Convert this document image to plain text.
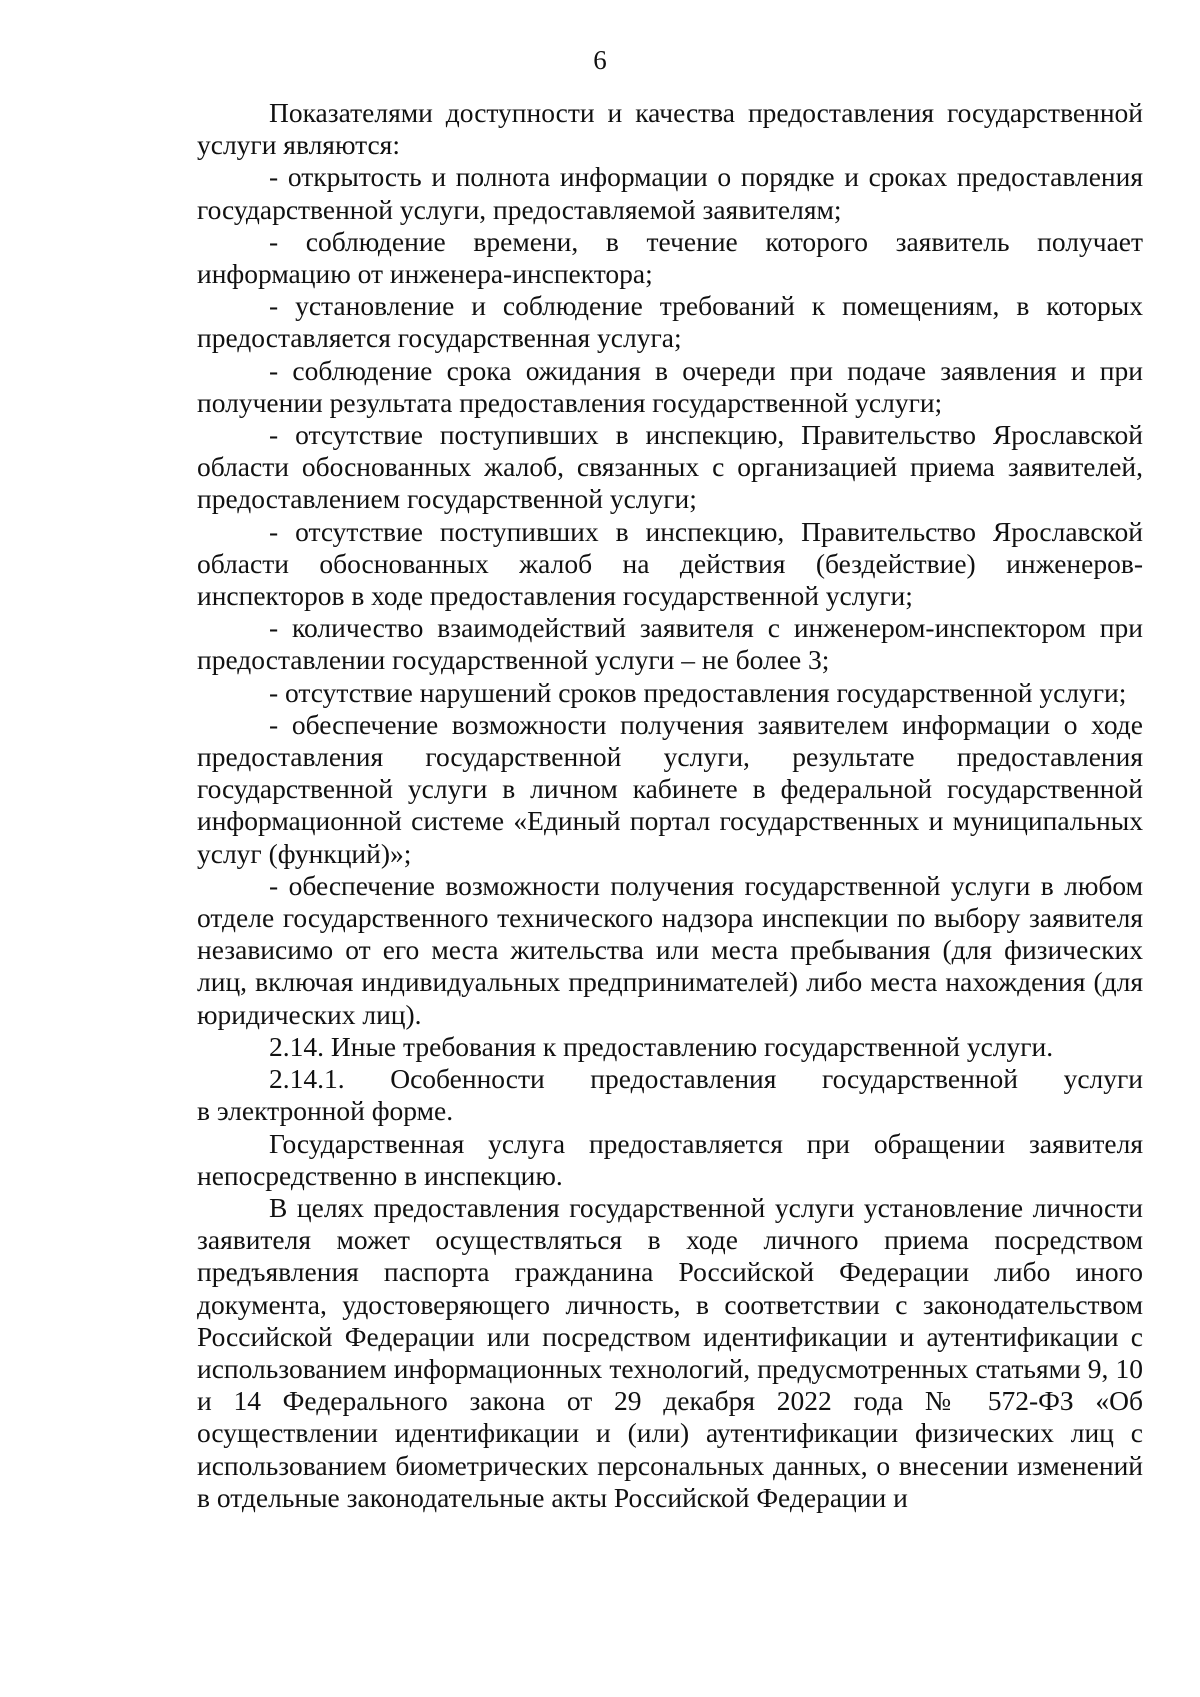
6

Показателями доступности и качества предоставления государственной услуги являются:

- открытость и полнота информации о порядке и сроках предоставления государственной услуги, предоставляемой заявителям;

- соблюдение времени, в течение которого заявитель получает информацию от инженера-инспектора;

- установление и соблюдение требований к помещениям, в которых предоставляется государственная услуга;

- соблюдение срока ожидания в очереди при подаче заявления и при получении результата предоставления государственной услуги;

- отсутствие поступивших в инспекцию, Правительство Ярославской области обоснованных жалоб, связанных с организацией приема заявителей, предоставлением государственной услуги;

- отсутствие поступивших в инспекцию, Правительство Ярославской области обоснованных жалоб на действия (бездействие) инженеров-инспекторов в ходе предоставления государственной услуги;

- количество взаимодействий заявителя с инженером-инспектором при предоставлении государственной услуги – не более 3;

- отсутствие нарушений сроков предоставления государственной услуги;

- обеспечение возможности получения заявителем информации о ходе предоставления государственной услуги, результате предоставления государственной услуги в личном кабинете в федеральной государственной информационной системе «Единый портал государственных и муниципальных услуг (функций)»;

- обеспечение возможности получения государственной услуги в любом отделе государственного технического надзора инспекции по выбору заявителя независимо от его места жительства или места пребывания (для физических лиц, включая индивидуальных предпринимателей) либо места нахождения (для юридических лиц).

2.14. Иные требования к предоставлению государственной услуги.

2.14.1. Особенности предоставления государственной услуги

в электронной форме.

Государственная услуга предоставляется при обращении заявителя непосредственно в инспекцию.

В целях предоставления государственной услуги установление личности заявителя может осуществляться в ходе личного приема посредством предъявления паспорта гражданина Российской Федерации либо иного документа, удостоверяющего личность, в соответствии с законодательством Российской Федерации или посредством идентификации и аутентификации с использованием информационных технологий, предусмотренных статьями 9, 10 и 14 Федерального закона от 29 декабря 2022 года № 572-ФЗ «Об осуществлении идентификации и (или) аутентификации физических лиц с использованием биометрических персональных данных, о внесении изменений в отдельные законодательные акты Российской Федерации и
